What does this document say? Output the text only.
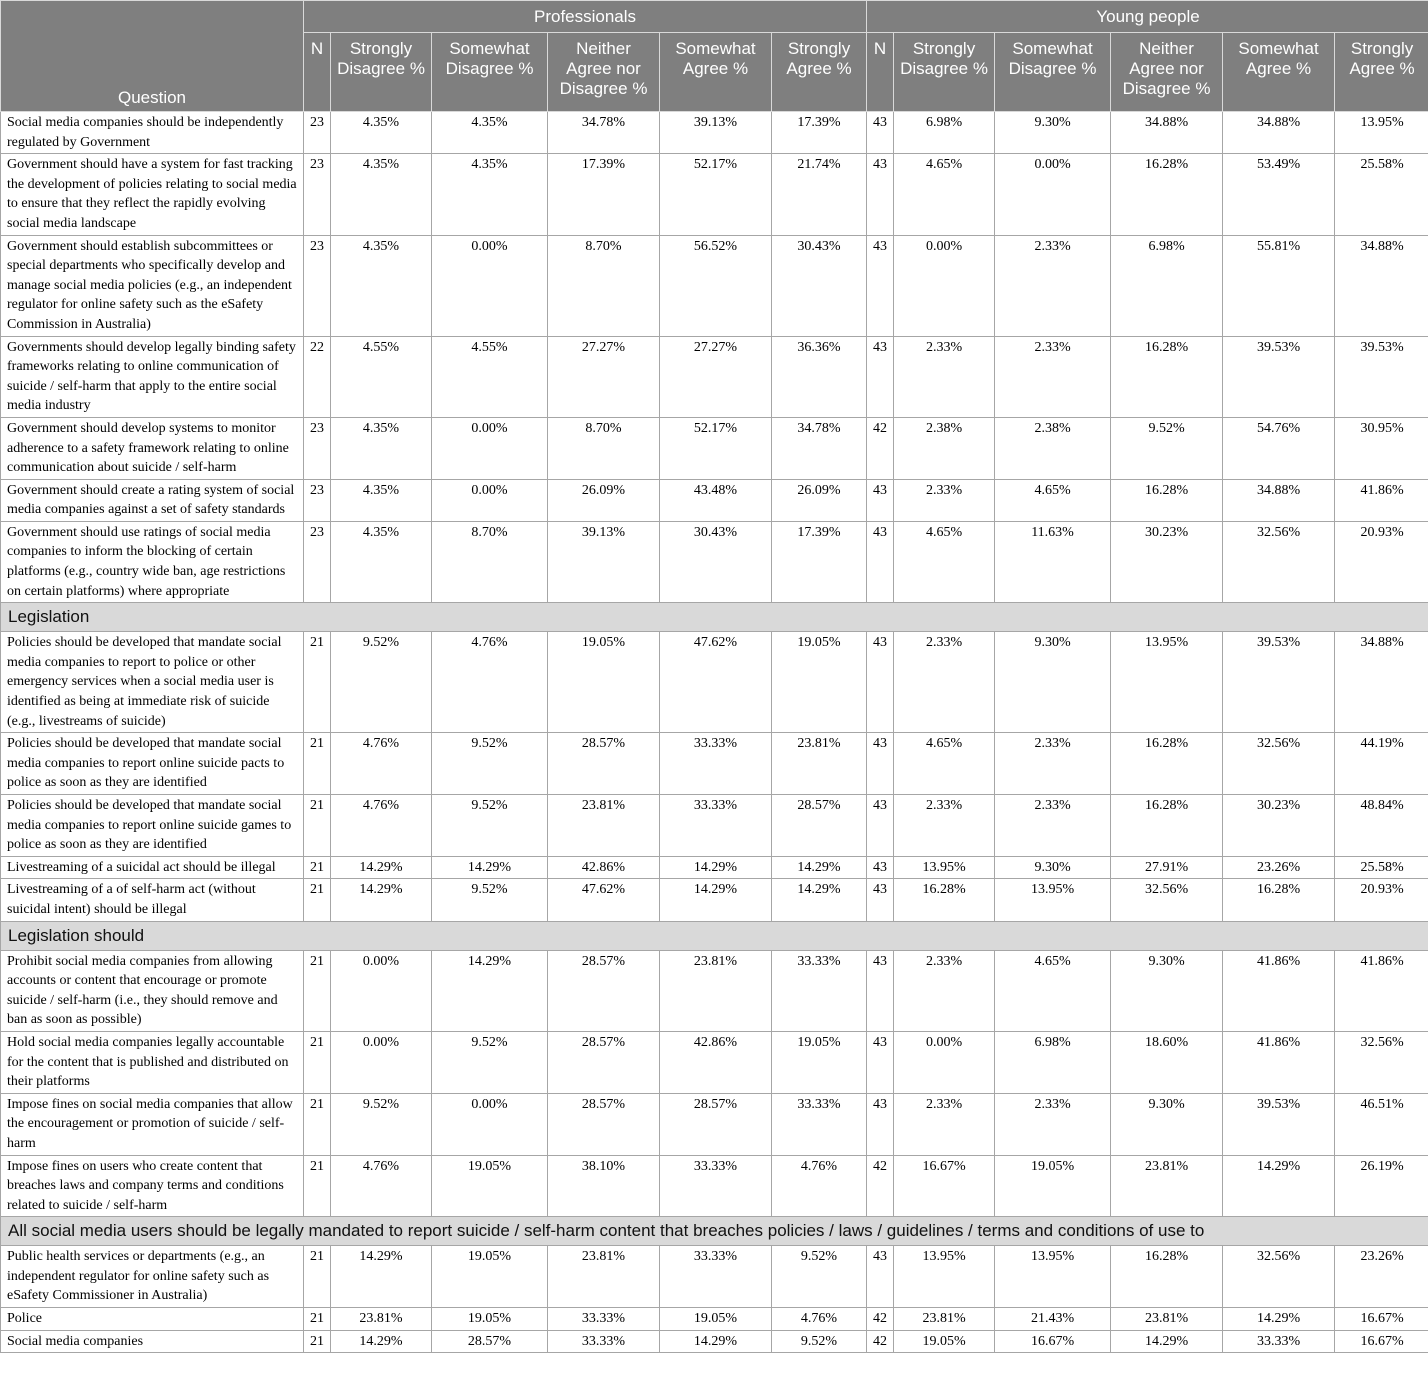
Question	Professionals						Young people					
	N	Strongly Disagree %	Somewhat Disagree %	Neither Agree nor Disagree %	Somewhat Agree %	Strongly Agree %	N	Strongly Disagree %	Somewhat Disagree %	Neither Agree nor Disagree %	Somewhat Agree %	Strongly Agree %
Social media companies should be independently regulated by Government	23	4.35%	4.35%	34.78%	39.13%	17.39%	43	6.98%	9.30%	34.88%	34.88%	13.95%
Government should have a system for fast tracking the development of policies relating to social media to ensure that they reflect the rapidly evolving social media landscape	23	4.35%	4.35%	17.39%	52.17%	21.74%	43	4.65%	0.00%	16.28%	53.49%	25.58%
Government should establish subcommittees or special departments who specifically develop and manage social media policies (e.g., an independent regulator for online safety such as the eSafety Commission in Australia)	23	4.35%	0.00%	8.70%	56.52%	30.43%	43	0.00%	2.33%	6.98%	55.81%	34.88%
Governments should develop legally binding safety frameworks relating to online communication of suicide / self-harm that apply to the entire social media industry	22	4.55%	4.55%	27.27%	27.27%	36.36%	43	2.33%	2.33%	16.28%	39.53%	39.53%
Government should develop systems to monitor adherence to a safety framework relating to online communication about suicide / self-harm	23	4.35%	0.00%	8.70%	52.17%	34.78%	42	2.38%	2.38%	9.52%	54.76%	30.95%
Government should create a rating system of social media companies against a set of safety standards	23	4.35%	0.00%	26.09%	43.48%	26.09%	43	2.33%	4.65%	16.28%	34.88%	41.86%
Government should use ratings of social media companies to inform the blocking of certain platforms (e.g., country wide ban, age restrictions on certain platforms) where appropriate	23	4.35%	8.70%	39.13%	30.43%	17.39%	43	4.65%	11.63%	30.23%	32.56%	20.93%
Legislation												
Policies should be developed that mandate social media companies to report to police or other emergency services when a social media user is identified as being at immediate risk of suicide (e.g., livestreams of suicide)	21	9.52%	4.76%	19.05%	47.62%	19.05%	43	2.33%	9.30%	13.95%	39.53%	34.88%
Policies should be developed that mandate social media companies to report online suicide pacts to police as soon as they are identified	21	4.76%	9.52%	28.57%	33.33%	23.81%	43	4.65%	2.33%	16.28%	32.56%	44.19%
Policies should be developed that mandate social media companies to report online suicide games to police as soon as they are identified	21	4.76%	9.52%	23.81%	33.33%	28.57%	43	2.33%	2.33%	16.28%	30.23%	48.84%
Livestreaming of a suicidal act should be illegal	21	14.29%	14.29%	42.86%	14.29%	14.29%	43	13.95%	9.30%	27.91%	23.26%	25.58%
Livestreaming of a of self-harm act (without suicidal intent) should be illegal	21	14.29%	9.52%	47.62%	14.29%	14.29%	43	16.28%	13.95%	32.56%	16.28%	20.93%
Legislation should												
Prohibit social media companies from allowing accounts or content that encourage or promote suicide / self-harm (i.e., they should remove and ban as soon as possible)	21	0.00%	14.29%	28.57%	23.81%	33.33%	43	2.33%	4.65%	9.30%	41.86%	41.86%
Hold social media companies legally accountable for the content that is published and distributed on their platforms	21	0.00%	9.52%	28.57%	42.86%	19.05%	43	0.00%	6.98%	18.60%	41.86%	32.56%
Impose fines on social media companies that allow the encouragement or promotion of suicide / self-harm	21	9.52%	0.00%	28.57%	28.57%	33.33%	43	2.33%	2.33%	9.30%	39.53%	46.51%
Impose fines on users who create content that breaches laws and company terms and conditions related to suicide / self-harm	21	4.76%	19.05%	38.10%	33.33%	4.76%	42	16.67%	19.05%	23.81%	14.29%	26.19%
All social media users should be legally mandated to report suicide / self-harm content that breaches policies / laws / guidelines / terms and conditions of use to												
Public health services or departments (e.g., an independent regulator for online safety such as eSafety Commissioner in Australia)	21	14.29%	19.05%	23.81%	33.33%	9.52%	43	13.95%	13.95%	16.28%	32.56%	23.26%
Police	21	23.81%	19.05%	33.33%	19.05%	4.76%	42	23.81%	21.43%	23.81%	14.29%	16.67%
Social media companies	21	14.29%	28.57%	33.33%	14.29%	9.52%	42	19.05%	16.67%	14.29%	33.33%	16.67%
